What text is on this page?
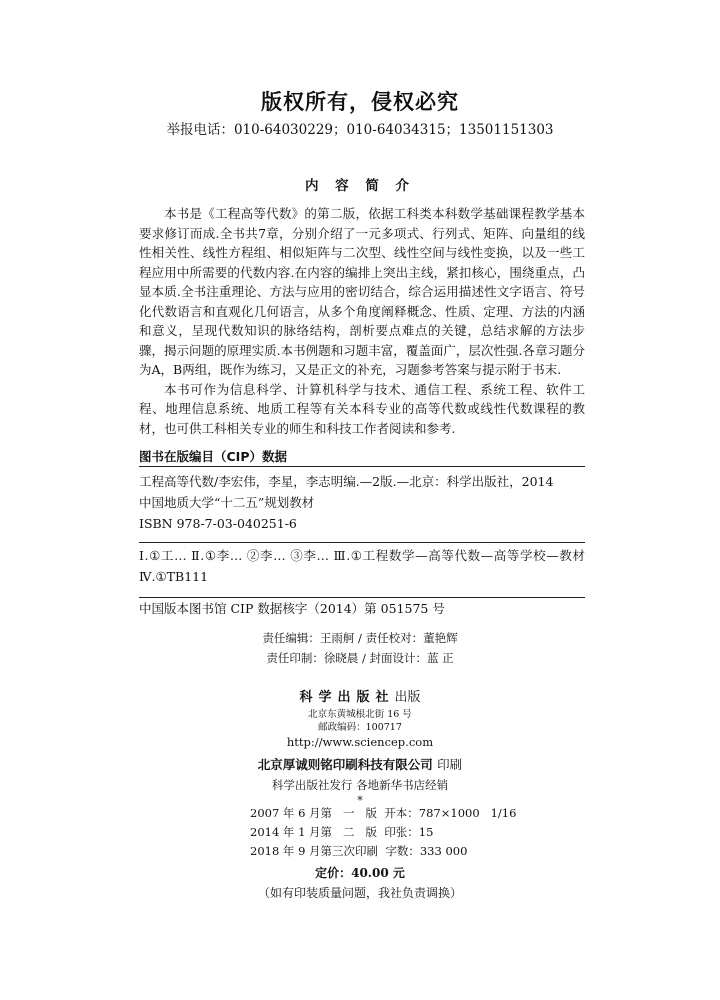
版权所有，侵权必究
举报电话：010-64030229；010-64034315；13501151303
内 容 简 介

本书是《工程高等代数》的第二版，依据工科类本科数学基础课程教学基本要求修订而成.全书共7章，分别介绍了一元多项式、行列式、矩阵、向量组的线性相关性、线性方程组、相似矩阵与二次型、线性空间与线性变换，以及一些工程应用中所需要的代数内容.在内容的编排上突出主线，紧扣核心，围绕重点，凸显本质.全书注重理论、方法与应用的密切结合，综合运用描述性文字语言、符号化代数语言和直观化几何语言，从多个角度阐释概念、性质、定理、方法的内涵和意义，呈现代数知识的脉络结构，剖析要点难点的关键，总结求解的方法步骤，揭示问题的原理实质.本书例题和习题丰富，覆盖面广，层次性强.各章习题分为A，B两组，既作为练习，又是正文的补充，习题参考答案与提示附于书末.

本书可作为信息科学、计算机科学与技术、通信工程、系统工程、软件工程、地理信息系统、地质工程等有关本科专业的高等代数或线性代数课程的教材，也可供工科相关专业的师生和科技工作者阅读和参考.

图书在版编目（CIP）数据
工程高等代数/李宏伟，李星，李志明编.—2版.—北京：科学出版社，2014
中国地质大学“十二五”规划教材
ISBN 978-7-03-040251-6

Ⅰ.①工… Ⅱ.①李… ②李… ③李… Ⅲ.①工程数学—高等代数—高等学校—教材 Ⅳ.①TB111

中国版本图书馆 CIP 数据核字（2014）第 051575 号
责任编辑：王雨舸 / 责任校对：董艳辉
责任印制：徐晓晨 / 封面设计：蓝 正
科学出版社出版
北京东黄城根北街 16 号
邮政编码：100717
http://www.sciencep.com
北京厚诚则铭印刷科技有限公司 印刷
科学出版社发行 各地新华书店经销
*
2007 年 6 月第   一   版  开本：787×1000   1/16
2014 年 1 月第   二   版  印张：15
2018 年 9 月第三次印刷  字数：333 000
定价：40.00 元
（如有印装质量问题，我社负责调换）
